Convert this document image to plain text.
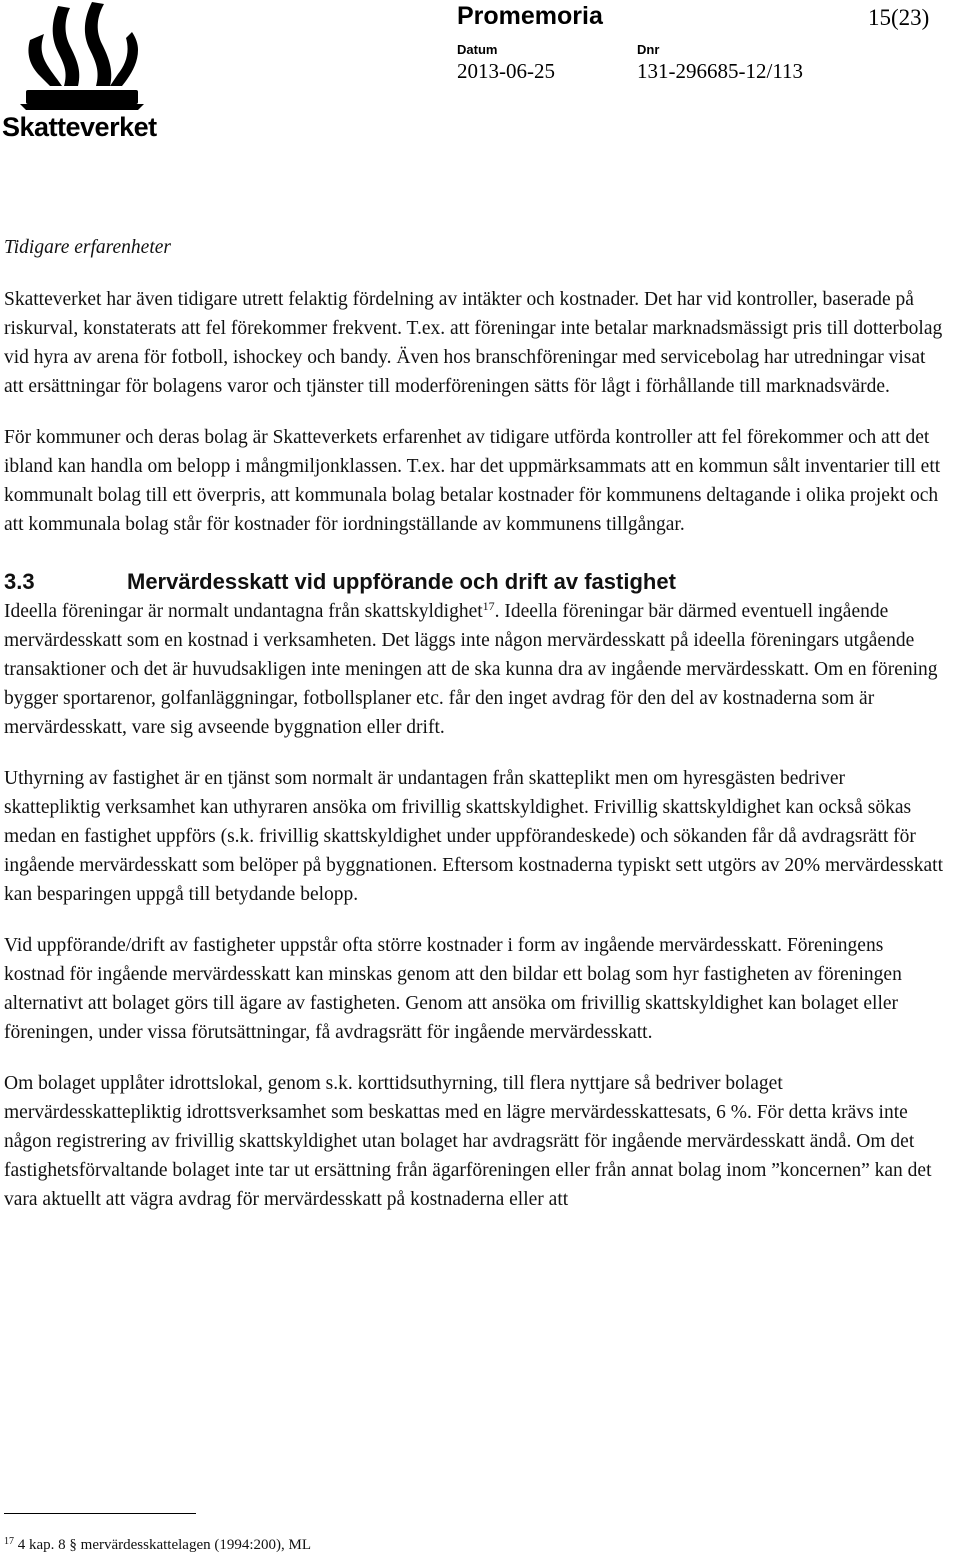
Skatteverket
Promemoria	15(23)
Datum	Dnr
2013-06-25	131-296685-12/113

Tidigare erfarenheter

Skatteverket har även tidigare utrett felaktig fördelning av intäkter och kostnader. Det har vid kontroller, baserade på riskurval, konstaterats att fel förekommer frekvent. T.ex. att föreningar inte betalar marknadsmässigt pris till dotterbolag vid hyra av arena för fotboll, ishockey och bandy. Även hos branschföreningar med servicebolag har utredningar visat att ersättningar för bolagens varor och tjänster till moderföreningen sätts för lågt i förhållande till marknadsvärde.

För kommuner och deras bolag är Skatteverkets erfarenhet av tidigare utförda kontroller att fel förekommer och att det ibland kan handla om belopp i mångmiljonklassen. T.ex. har det uppmärksammats att en kommun sålt inventarier till ett kommunalt bolag till ett överpris, att kommunala bolag betalar kostnader för kommunens deltagande i olika projekt och att kommunala bolag står för kostnader för iordningställande av kommunens tillgångar.

3.3	Mervärdesskatt vid uppförande och drift av fastighet

Ideella föreningar är normalt undantagna från skattskyldighet$^{17}$. Ideella föreningar bär därmed eventuell ingående mervärdesskatt som en kostnad i verksamheten. Det läggs inte någon mervärdesskatt på ideella föreningars utgående transaktioner och det är huvudsakligen inte meningen att de ska kunna dra av ingående mervärdesskatt. Om en förening bygger sportarenor, golfanläggningar, fotbollsplaner etc. får den inget avdrag för den del av kostnaderna som är mervärdesskatt, vare sig avseende byggnation eller drift.

Uthyrning av fastighet är en tjänst som normalt är undantagen från skatteplikt men om hyresgästen bedriver skattepliktig verksamhet kan uthyraren ansöka om frivillig skattskyldighet. Frivillig skattskyldighet kan också sökas medan en fastighet uppförs (s.k. frivillig skattskyldighet under uppförandeskede) och sökanden får då avdragsrätt för ingående mervärdesskatt som belöper på byggnationen. Eftersom kostnaderna typiskt sett utgörs av 20% mervärdesskatt kan besparingen uppgå till betydande belopp.

Vid uppförande/drift av fastigheter uppstår ofta större kostnader i form av ingående mervärdesskatt. Föreningens kostnad för ingående mervärdesskatt kan minskas genom att den bildar ett bolag som hyr fastigheten av föreningen alternativt att bolaget görs till ägare av fastigheten. Genom att ansöka om frivillig skattskyldighet kan bolaget eller föreningen, under vissa förutsättningar, få avdragsrätt för ingående mervärdesskatt.

Om bolaget upplåter idrottslokal, genom s.k. korttidsuthyrning, till flera nyttjare så bedriver bolaget mervärdesskattepliktig idrottsverksamhet som beskattas med en lägre mervärdesskattesats, 6 %. För detta krävs inte någon registrering av frivillig skattskyldighet utan bolaget har avdragsrätt för ingående mervärdesskatt ändå. Om det fastighetsförvaltande bolaget inte tar ut ersättning från ägarföreningen eller från annat bolag inom ”koncernen” kan det vara aktuellt att vägra avdrag för mervärdesskatt på kostnaderna eller att

$^{17}$ 4 kap. 8 § mervärdesskattelagen (1994:200), ML
